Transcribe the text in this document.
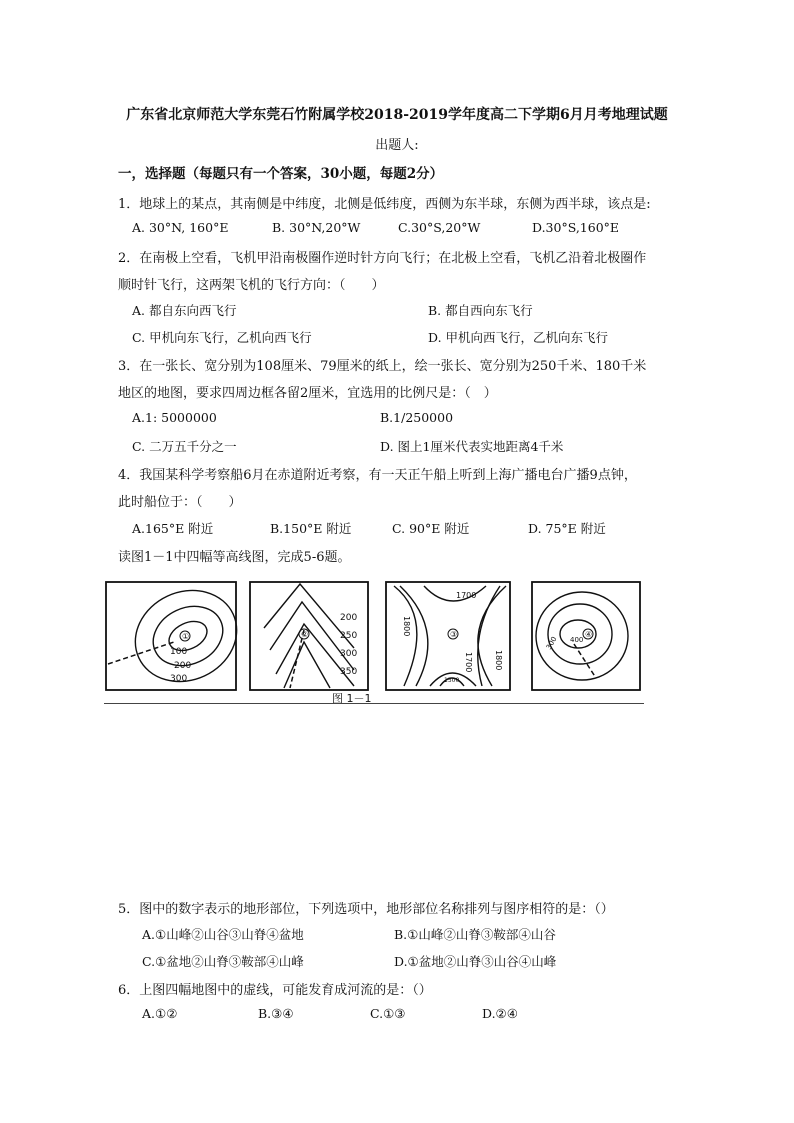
广东省北京师范大学东莞石竹附属学校2018-2019学年度高二下学期6月月考地理试题
出题人:
一，选择题（每题只有一个答案，30小题，每题2分）
1．地球上的某点，其南侧是中纬度，北侧是低纬度，西侧为东半球，东侧为西半球，该点是:
A. 30°N, 160°E	B. 30°N,20°W	C.30°S,20°W	D.30°S,160°E
2．在南极上空看，飞机甲沿南极圈作逆时针方向飞行；在北极上空看，飞机乙沿着北极圈作
顺时针飞行，这两架飞机的飞行方向：（　　）
A. 都自东向西飞行	B. 都自西向东飞行
C. 甲机向东飞行，乙机向西飞行	D. 甲机向西飞行，乙机向东飞行
3．在一张长、宽分别为108厘米、79厘米的纸上，绘一张长、宽分别为250千米、180千米
地区的地图，要求四周边框各留2厘米，宜选用的比例尺是：（　）
A.1: 5000000	B.1/250000
C. 二万五千分之一	D. 图上1厘米代表实地距离4千米
4．我国某科学考察船6月在赤道附近考察，有一天正午船上听到上海广播电台广播9点钟，
此时船位于：（　　）
A.165°E 附近	B.150°E 附近	C. 90°E 附近	D. 75°E 附近
读图1－1中四幅等高线图，完成5-6题。
①
100
200
300
②
200
250
300
350
③
1700
1800
1700	1800
1500
④
400
300
图 1－1
5．图中的数字表示的地形部位，下列选项中，地形部位名称排列与图序相符的是：（）
A.①山峰②山谷③山脊④盆地	B.①山峰②山脊③鞍部④山谷
C.①盆地②山脊③鞍部④山峰	D.①盆地②山脊③山谷④山峰
6．上图四幅地图中的虚线，可能发育成河流的是：（）
A.①②	B.③④	C.①③	D.②④
